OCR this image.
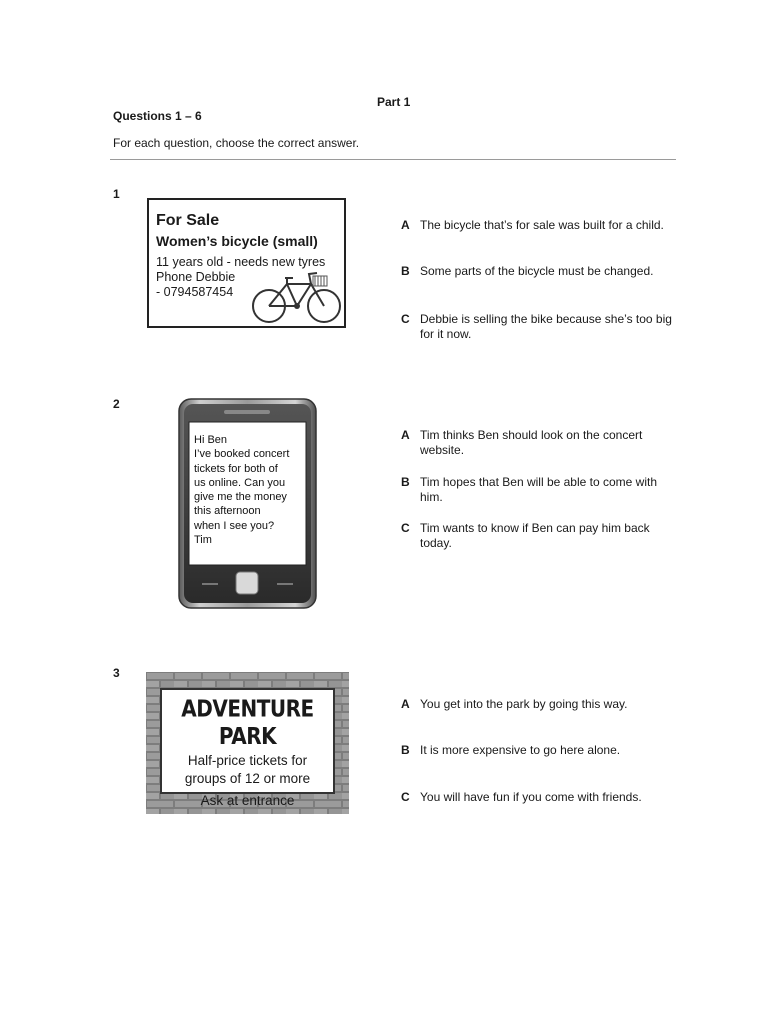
Part 1
Questions 1 – 6
For each question, choose the correct answer.
1
For Sale
Women’s bicycle (small)
11 years old - needs new tyres
Phone Debbie
- 0794587454
A The bicycle that’s for sale was built for a child.
B Some parts of the bicycle must be changed.
C Debbie is selling the bike because she’s too big for it now.
2
Hi Ben
I’ve booked concert
tickets for both of
us online. Can you
give me the money
this afternoon
when I see you?
Tim
A Tim thinks Ben should look on the concert website.
B Tim hopes that Ben will be able to come with him.
C Tim wants to know if Ben can pay him back today.
3
ADVENTURE PARK
Half-price tickets for
groups of 12 or more
Ask at entrance
A You get into the park by going this way.
B It is more expensive to go here alone.
C You will have fun if you come with friends.
